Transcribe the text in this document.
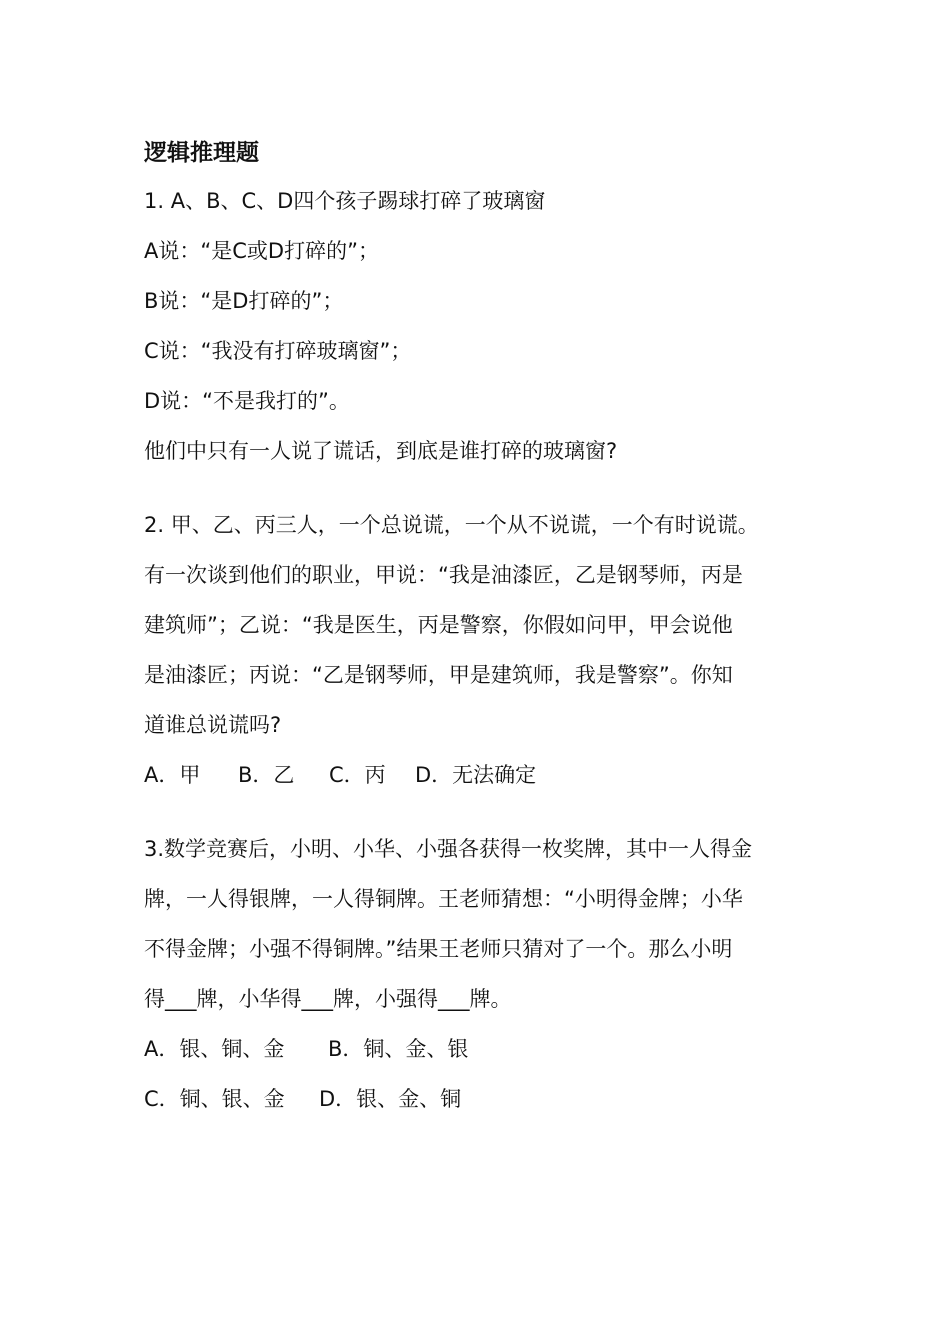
逻辑推理题

1. A、B、C、D四个孩子踢球打碎了玻璃窗

A说：“是C或D打碎的”；

B说：“是D打碎的”；

C说：“我没有打碎玻璃窗”；

D说：“不是我打的”。

他们中只有一人说了谎话，到底是谁打碎的玻璃窗?

2. 甲、乙、丙三人，一个总说谎，一个从不说谎，一个有时说谎。

有一次谈到他们的职业，甲说：“我是油漆匠，乙是钢琴师，丙是

建筑师”；乙说：“我是医生，丙是警察，你假如问甲，甲会说他

是油漆匠；丙说：“乙是钢琴师，甲是建筑师，我是警察”。你知

道谁总说谎吗?

A．甲 B．乙 C．丙 D．无法确定

3.数学竞赛后，小明、小华、小强各获得一枚奖牌，其中一人得金

牌，一人得银牌，一人得铜牌。王老师猜想：“小明得金牌；小华

不得金牌；小强不得铜牌。”结果王老师只猜对了一个。那么小明

得___牌，小华得___牌，小强得___牌。

A．银、铜、金 B．铜、金、银

C．铜、银、金 D．银、金、铜
